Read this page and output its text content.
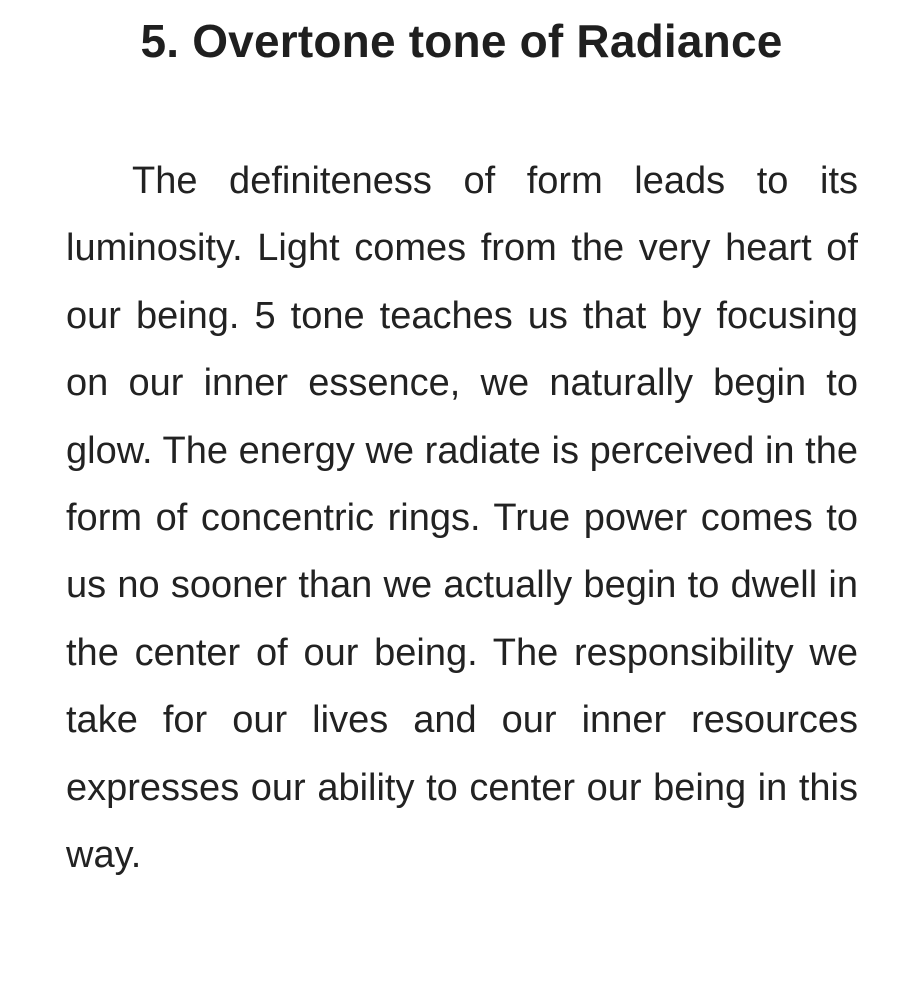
5. Overtone tone of Radiance

The definiteness of form leads to its luminosity. Light comes from the very heart of our being. 5 tone teaches us that by focusing on our inner essence, we naturally begin to glow. The energy we radiate is perceived in the form of concentric rings. True power comes to us no sooner than we actually begin to dwell in the center of our being. The responsibility we take for our lives and our inner resources expresses our ability to center our being in this way.
